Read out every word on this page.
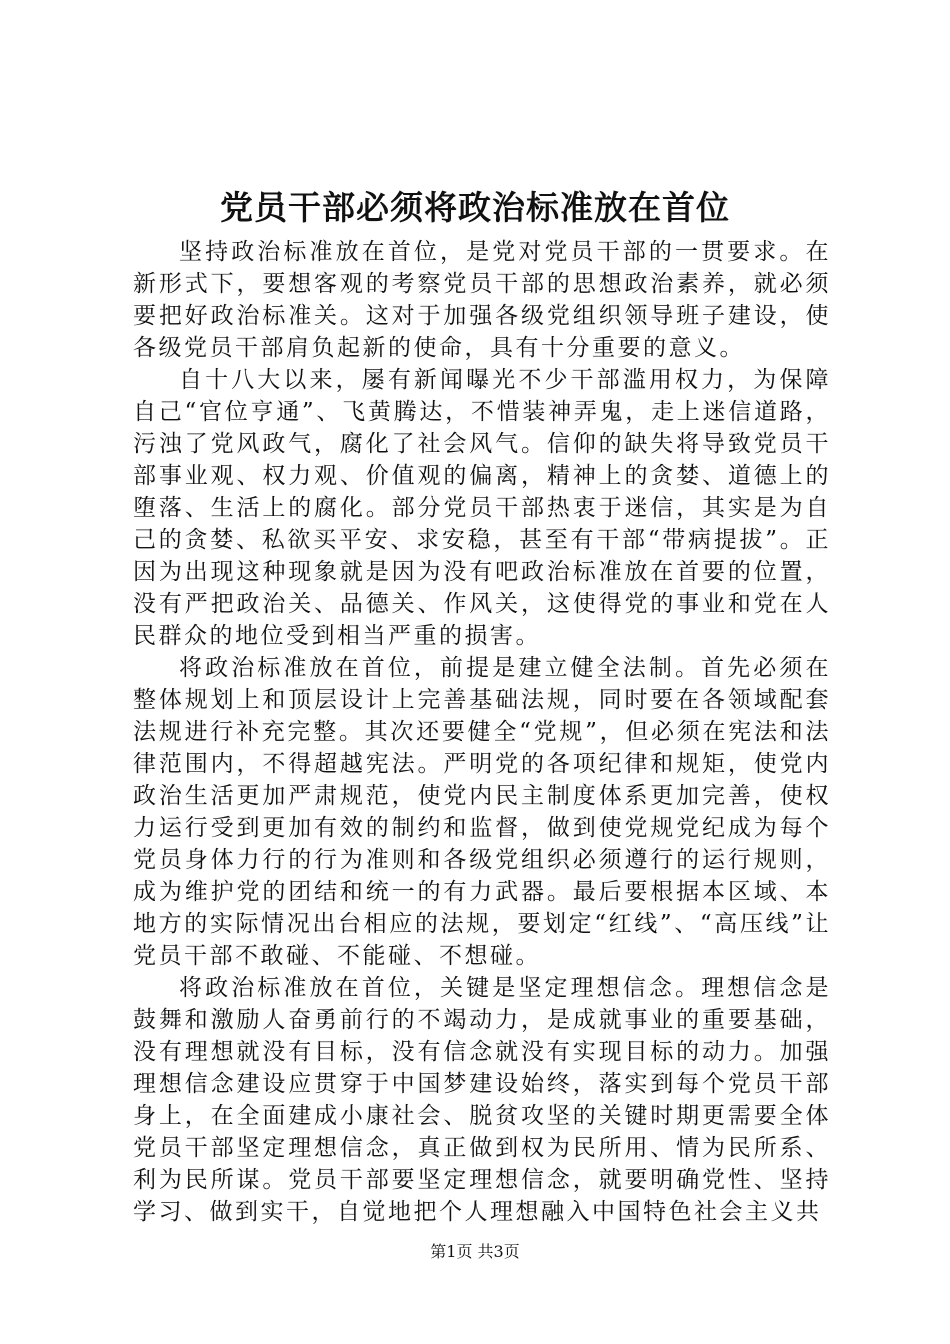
党员干部必须将政治标准放在首位

坚持政治标准放在首位，是党对党员干部的一贯要求。在新形式下，要想客观的考察党员干部的思想政治素养，就必须要把好政治标准关。这对于加强各级党组织领导班子建设，使各级党员干部肩负起新的使命，具有十分重要的意义。

自十八大以来，屡有新闻曝光不少干部滥用权力，为保障自己“官位亨通”、飞黄腾达，不惜装神弄鬼，走上迷信道路，污浊了党风政气，腐化了社会风气。信仰的缺失将导致党员干部事业观、权力观、价值观的偏离，精神上的贪婪、道德上的堕落、生活上的腐化。部分党员干部热衷于迷信，其实是为自己的贪婪、私欲买平安、求安稳，甚至有干部“带病提拔”。正因为出现这种现象就是因为没有吧政治标准放在首要的位置，没有严把政治关、品德关、作风关，这使得党的事业和党在人民群众的地位受到相当严重的损害。

将政治标准放在首位，前提是建立健全法制。首先必须在整体规划上和顶层设计上完善基础法规，同时要在各领域配套法规进行补充完整。其次还要健全“党规”，但必须在宪法和法律范围内，不得超越宪法。严明党的各项纪律和规矩，使党内政治生活更加严肃规范，使党内民主制度体系更加完善，使权力运行受到更加有效的制约和监督，做到使党规党纪成为每个党员身体力行的行为准则和各级党组织必须遵行的运行规则，成为维护党的团结和统一的有力武器。最后要根据本区域、本地方的实际情况出台相应的法规，要划定“红线”、“高压线”让党员干部不敢碰、不能碰、不想碰。

将政治标准放在首位，关键是坚定理想信念。理想信念是鼓舞和激励人奋勇前行的不竭动力，是成就事业的重要基础，没有理想就没有目标，没有信念就没有实现目标的动力。加强理想信念建设应贯穿于中国梦建设始终，落实到每个党员干部身上，在全面建成小康社会、脱贫攻坚的关键时期更需要全体党员干部坚定理想信念，真正做到权为民所用、情为民所系、利为民所谋。党员干部要坚定理想信念，就要明确党性、坚持学习、做到实干，自觉地把个人理想融入中国特色社会主义共

第1页 共3页
